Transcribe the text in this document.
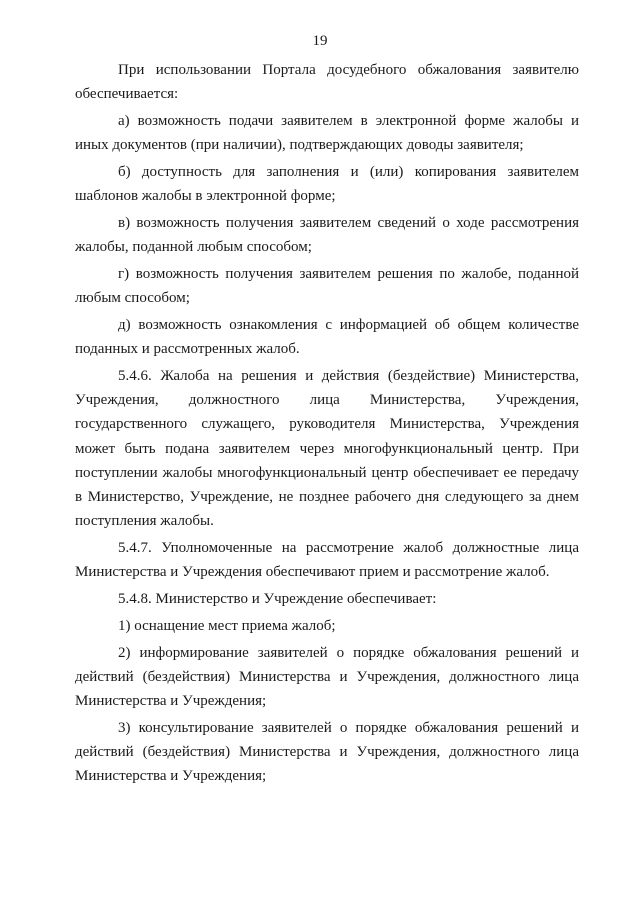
19

При использовании Портала досудебного обжалования заявителю обеспечивается:

а) возможность подачи заявителем в электронной форме жалобы и иных документов (при наличии), подтверждающих доводы заявителя;

б) доступность для заполнения и (или) копирования заявителем шаблонов жалобы в электронной форме;

в) возможность получения заявителем сведений о ходе рассмотрения жалобы, поданной любым способом;

г) возможность получения заявителем решения по жалобе, поданной любым способом;

д) возможность ознакомления с информацией об общем количестве поданных и рассмотренных жалоб.

5.4.6. Жалоба на решения и действия (бездействие) Министерства, Учреждения, должностного лица Министерства, Учреждения, государственного служащего, руководителя Министерства, Учреждения может быть подана заявителем через многофункциональный центр. При поступлении жалобы многофункциональный центр обеспечивает ее передачу в Министерство, Учреждение, не позднее рабочего дня следующего за днем поступления жалобы.

5.4.7. Уполномоченные на рассмотрение жалоб должностные лица Министерства и Учреждения обеспечивают прием и рассмотрение жалоб.

5.4.8. Министерство и Учреждение обеспечивает:

1) оснащение мест приема жалоб;

2) информирование заявителей о порядке обжалования решений и действий (бездействия) Министерства и Учреждения, должностного лица Министерства и Учреждения;

3) консультирование заявителей о порядке обжалования решений и действий (бездействия) Министерства и Учреждения, должностного лица Министерства и Учреждения;
